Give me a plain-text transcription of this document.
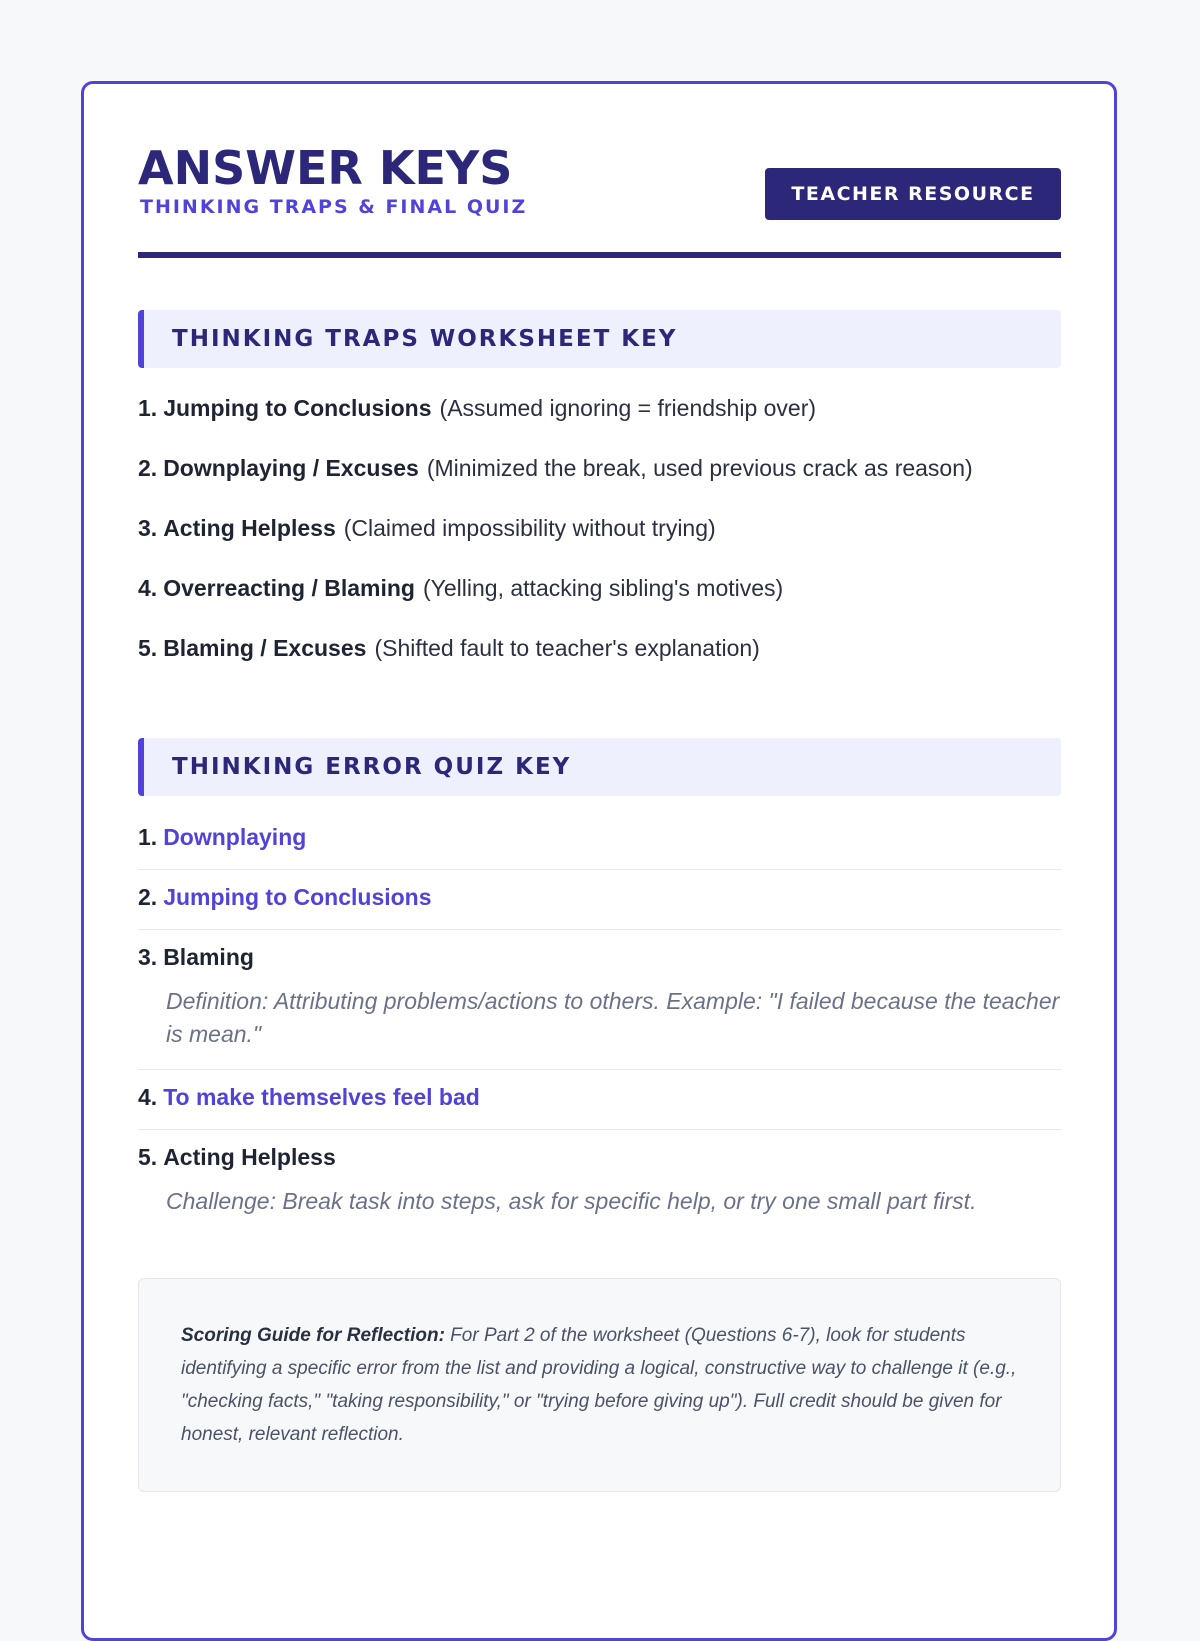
ANSWER KEYS
THINKING TRAPS & FINAL QUIZ
TEACHER RESOURCE
THINKING TRAPS WORKSHEET KEY
1. Jumping to Conclusions (Assumed ignoring = friendship over)
2. Downplaying / Excuses (Minimized the break, used previous crack as reason)
3. Acting Helpless (Claimed impossibility without trying)
4. Overreacting / Blaming (Yelling, attacking sibling's motives)
5. Blaming / Excuses (Shifted fault to teacher's explanation)
THINKING ERROR QUIZ KEY
1. Downplaying
2. Jumping to Conclusions
3. Blaming
Definition: Attributing problems/actions to others. Example: "I failed because the teacher is mean."
4. To make themselves feel bad
5. Acting Helpless
Challenge: Break task into steps, ask for specific help, or try one small part first.
Scoring Guide for Reflection: For Part 2 of the worksheet (Questions 6-7), look for students identifying a specific error from the list and providing a logical, constructive way to challenge it (e.g., "checking facts," "taking responsibility," or "trying before giving up"). Full credit should be given for honest, relevant reflection.
